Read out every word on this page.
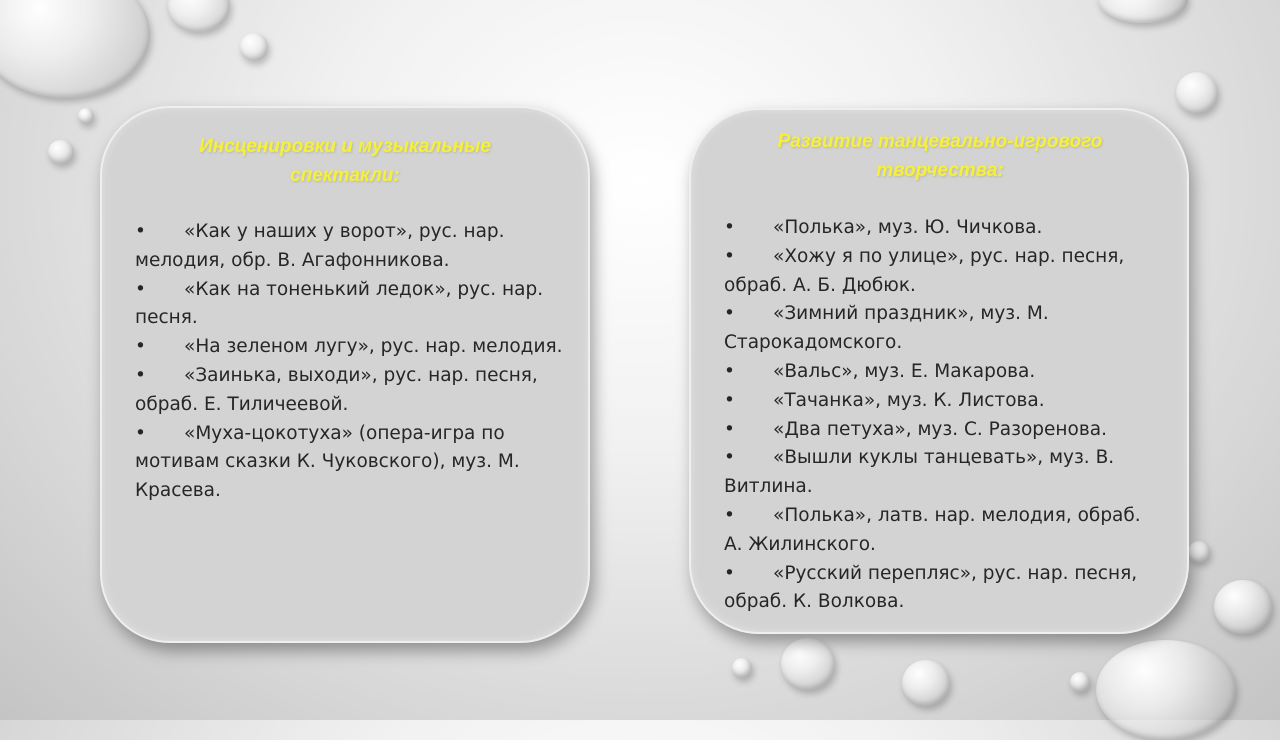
Инсценировки и музыкальные спектакли:
• «Как у наших у ворот», рус. нар. мелодия, обр. В. Агафонникова.
• «Как на тоненький ледок», рус. нар. песня.
• «На зеленом лугу», рус. нар. мелодия.
• «Заинька, выходи», рус. нар. песня, обраб. Е. Тиличеевой.
• «Муха-цокотуха» (опера-игра по мотивам сказки К. Чуковского), муз. М. Красева.
Развитие танцевально-игрового творчества:
• «Полька», муз. Ю. Чичкова.
• «Хожу я по улице», рус. нар. песня, обраб. А. Б. Дюбюк.
• «Зимний праздник», муз. М. Старокадомского.
• «Вальс», муз. Е. Макарова.
• «Тачанка», муз. К. Листова.
• «Два петуха», муз. С. Разоренова.
• «Вышли куклы танцевать», муз. В. Витлина.
• «Полька», латв. нар. мелодия, обраб. А. Жилинского.
• «Русский перепляс», рус. нар. песня, обраб. К. Волкова.
